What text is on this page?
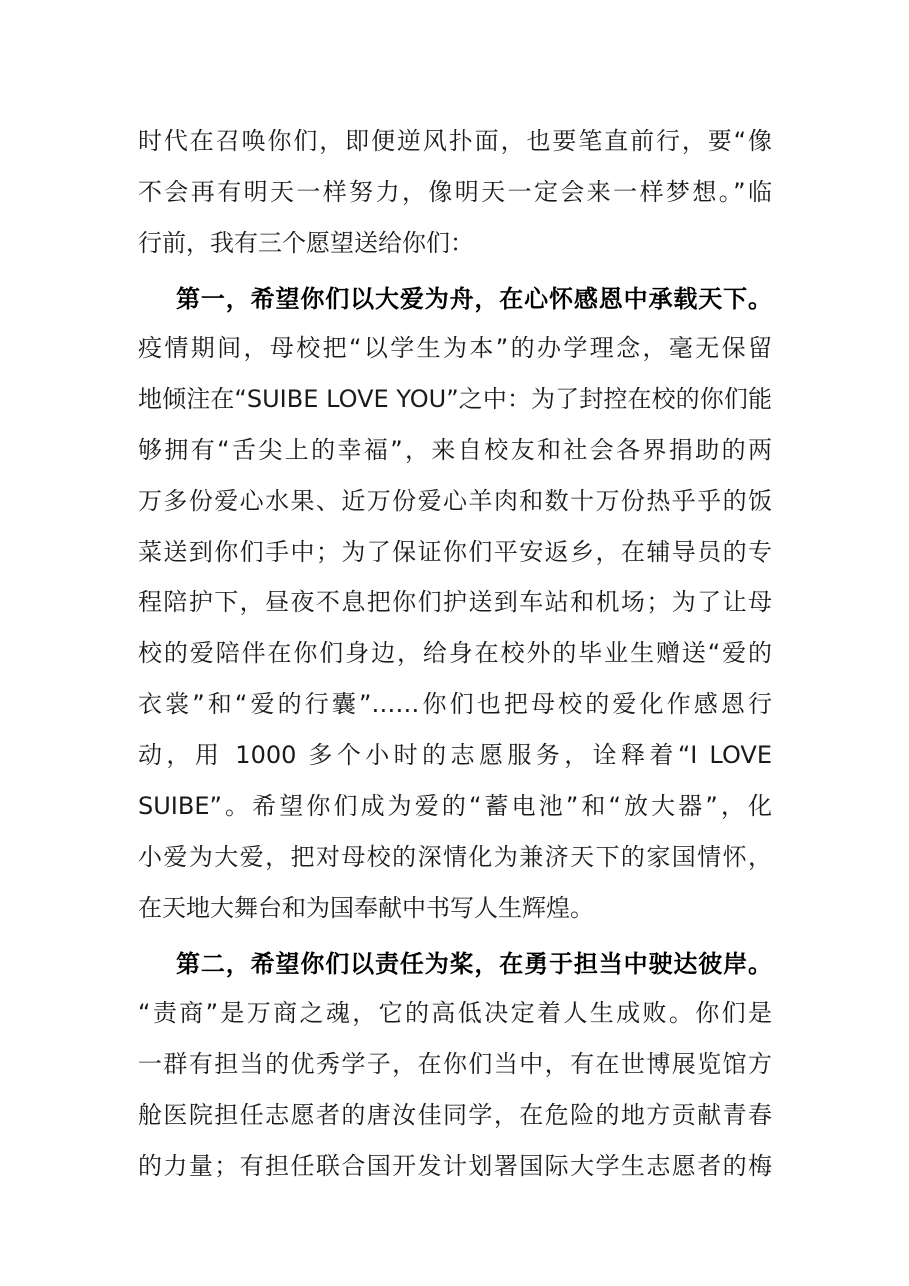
时代在召唤你们，即便逆风扑面，也要笔直前行，要“像
不会再有明天一样努力，像明天一定会来一样梦想。”临
行前，我有三个愿望送给你们：
第一，希望你们以大爱为舟，在心怀感恩中承载天下。
疫情期间，母校把“以学生为本”的办学理念，毫无保留
地倾注在“SUIBE LOVE YOU”之中：为了封控在校的你们能
够拥有“舌尖上的幸福”，来自校友和社会各界捐助的两
万多份爱心水果、近万份爱心羊肉和数十万份热乎乎的饭
菜送到你们手中；为了保证你们平安返乡，在辅导员的专
程陪护下，昼夜不息把你们护送到车站和机场；为了让母
校的爱陪伴在你们身边，给身在校外的毕业生赠送“爱的
衣裳”和“爱的行囊”……你们也把母校的爱化作感恩行
动，用 1000 多个小时的志愿服务，诠释着“I LOVE
SUIBE”。希望你们成为爱的“蓄电池”和“放大器”，化
小爱为大爱，把对母校的深情化为兼济天下的家国情怀，
在天地大舞台和为国奉献中书写人生辉煌。
第二，希望你们以责任为桨，在勇于担当中驶达彼岸。
“责商”是万商之魂，它的高低决定着人生成败。你们是
一群有担当的优秀学子，在你们当中，有在世博展览馆方
舱医院担任志愿者的唐汝佳同学，在危险的地方贡献青春
的力量；有担任联合国开发计划署国际大学生志愿者的梅
